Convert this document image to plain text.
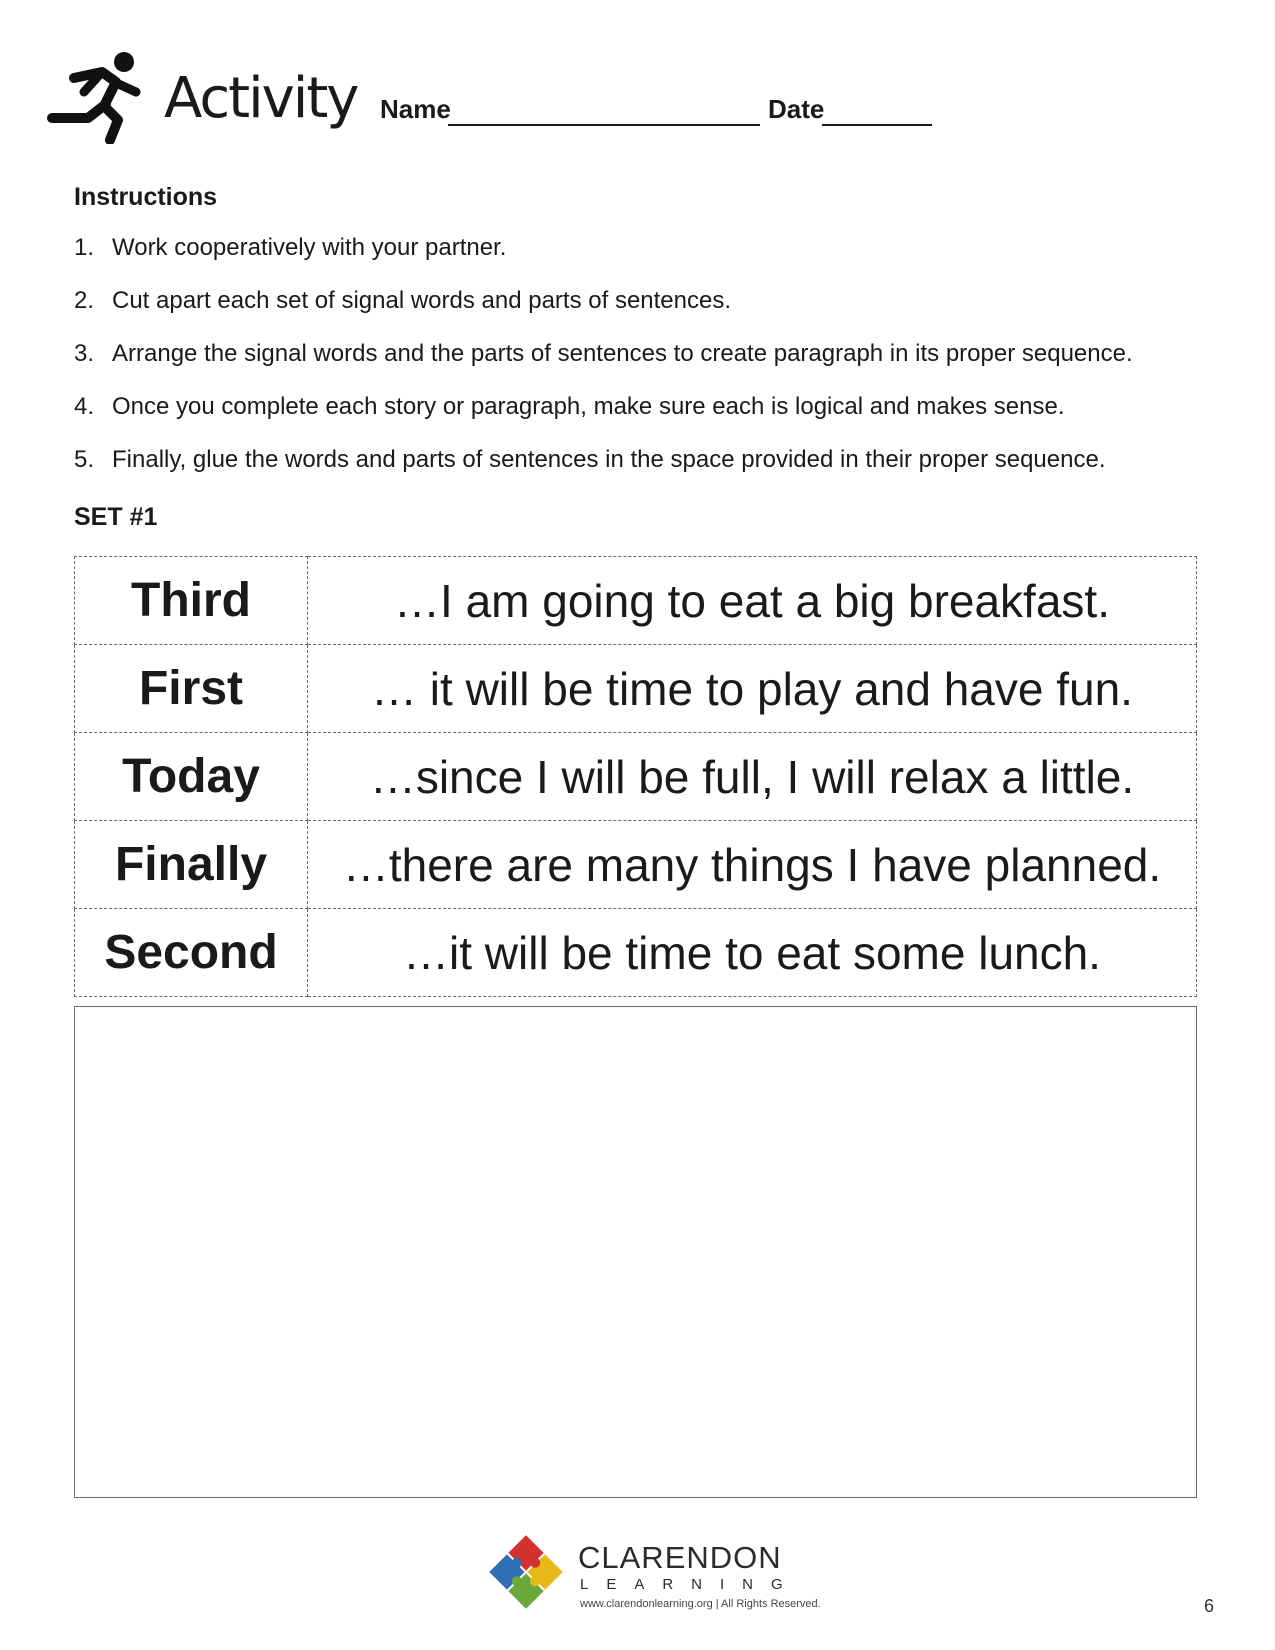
Activity Name	Date
Instructions
1. Work cooperatively with your partner.
2. Cut apart each set of signal words and parts of sentences.
3. Arrange the signal words and the parts of sentences to create paragraph in its proper sequence.
4. Once you complete each story or paragraph, make sure each is logical and makes sense.
5. Finally, glue the words and parts of sentences in the space provided in their proper sequence.
SET #1
Third	…I am going to eat a big breakfast.
First	… it will be time to play and have fun.
Today	…since I will be full, I will relax a little.
Finally	…there are many things I have planned.
Second	…it will be time to eat some lunch.
CLARENDON
LEARNING
www.clarendonlearning.org | All Rights Reserved.	6
